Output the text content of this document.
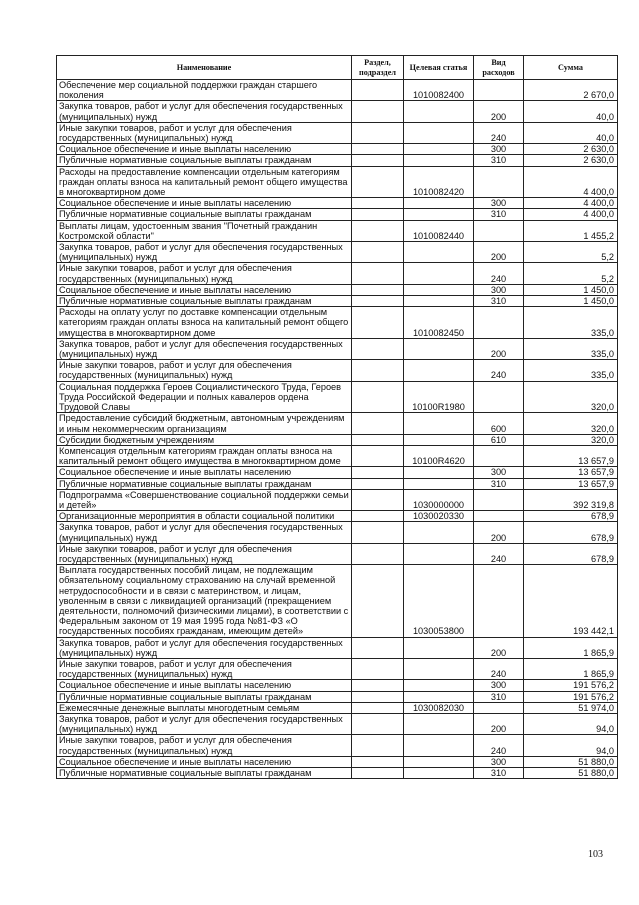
Наименование	Раздел, подраздел	Целевая статья	Вид расходов	Сумма
Обеспечение мер социальной поддержки граждан старшего поколения		1010082400		2 670,0
Закупка товаров, работ и услуг для обеспечения государственных (муниципальных) нужд			200	40,0
Иные закупки товаров, работ и услуг для обеспечения государственных (муниципальных) нужд			240	40,0
Социальное обеспечение и иные выплаты населению			300	2 630,0
Публичные нормативные социальные выплаты гражданам			310	2 630,0
Расходы на предоставление компенсации отдельным категориям граждан оплаты взноса на капитальный ремонт общего имущества в многоквартирном доме		1010082420		4 400,0
Социальное обеспечение и иные выплаты населению			300	4 400,0
Публичные нормативные социальные выплаты гражданам			310	4 400,0
Выплаты лицам, удостоенным звания "Почетный гражданин Костромской области"		1010082440		1 455,2
Закупка товаров, работ и услуг для обеспечения государственных (муниципальных) нужд			200	5,2
Иные закупки товаров, работ и услуг для обеспечения государственных (муниципальных) нужд			240	5,2
Социальное обеспечение и иные выплаты населению			300	1 450,0
Публичные нормативные социальные выплаты гражданам			310	1 450,0
Расходы на оплату услуг по доставке компенсации отдельным категориям граждан оплаты взноса на капитальный ремонт общего имущества в многоквартирном доме		1010082450		335,0
Закупка товаров, работ и услуг для обеспечения государственных (муниципальных) нужд			200	335,0
Иные закупки товаров, работ и услуг для обеспечения государственных (муниципальных) нужд			240	335,0
Социальная поддержка Героев Социалистического Труда, Героев Труда Российской Федерации и полных кавалеров ордена Трудовой Славы		10100R1980		320,0
Предоставление субсидий бюджетным, автономным учреждениям и иным некоммерческим организациям			600	320,0
Субсидии бюджетным учреждениям			610	320,0
Компенсация отдельным категориям граждан оплаты взноса на капитальный ремонт общего имущества в многоквартирном доме		10100R4620		13 657,9
Социальное обеспечение и иные выплаты населению			300	13 657,9
Публичные нормативные социальные выплаты гражданам			310	13 657,9
Подпрограмма «Совершенствование социальной поддержки семьи и детей»		1030000000		392 319,8
Организационные мероприятия в области социальной политики		1030020330		678,9
Закупка товаров, работ и услуг для обеспечения государственных (муниципальных) нужд			200	678,9
Иные закупки товаров, работ и услуг для обеспечения государственных (муниципальных) нужд			240	678,9
Выплата государственных пособий лицам, не подлежащим обязательному социальному страхованию на случай временной нетрудоспособности и в связи с материнством, и лицам, уволенным в связи с ликвидацией организаций (прекращением деятельности, полномочий физическими лицами), в соответствии с Федеральным законом от 19 мая 1995 года №81-ФЗ «О государственных пособиях гражданам, имеющим детей»		1030053800		193 442,1
Закупка товаров, работ и услуг для обеспечения государственных (муниципальных) нужд			200	1 865,9
Иные закупки товаров, работ и услуг для обеспечения государственных (муниципальных) нужд			240	1 865,9
Социальное обеспечение и иные выплаты населению			300	191 576,2
Публичные нормативные социальные выплаты гражданам			310	191 576,2
Ежемесячные денежные выплаты многодетным семьям		1030082030		51 974,0
Закупка товаров, работ и услуг для обеспечения государственных (муниципальных) нужд			200	94,0
Иные закупки товаров, работ и услуг для обеспечения государственных (муниципальных) нужд			240	94,0
Социальное обеспечение и иные выплаты населению			300	51 880,0
Публичные нормативные социальные выплаты гражданам			310	51 880,0
103
